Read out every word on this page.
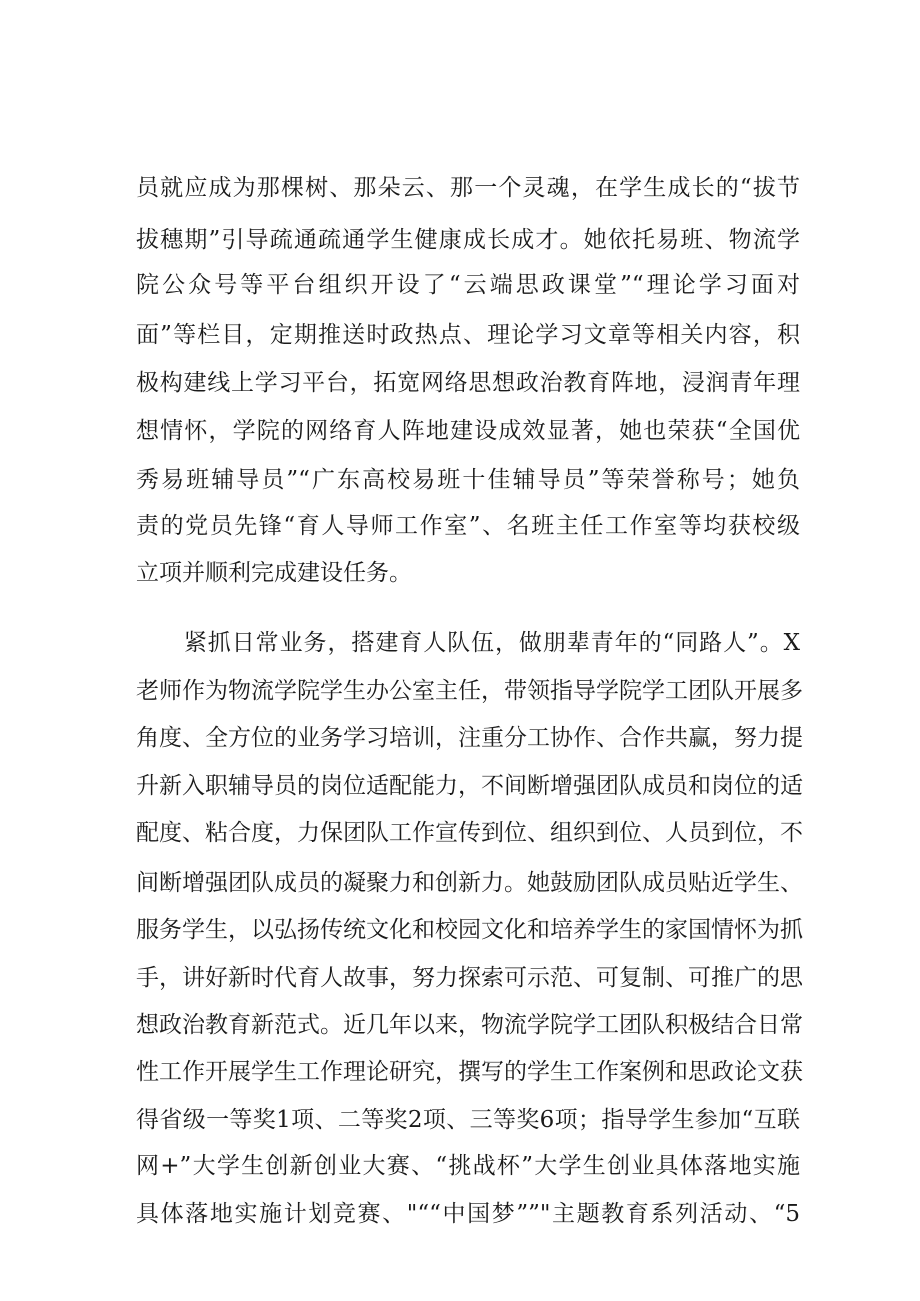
员就应成为那棵树、那朵云、那一个灵魂，在学生成长的“拔节
拔穗期”引导疏通疏通学生健康成长成才。她依托易班、物流学
院公众号等平台组织开设了“云端思政课堂”“理论学习面对
面”等栏目，定期推送时政热点、理论学习文章等相关内容，积
极构建线上学习平台，拓宽网络思想政治教育阵地，浸润青年理
想情怀，学院的网络育人阵地建设成效显著，她也荣获“全国优
秀易班辅导员”“广东高校易班十佳辅导员”等荣誉称号；她负
责的党员先锋“育人导师工作室”、名班主任工作室等均获校级
立项并顺利完成建设任务。
　　紧抓日常业务，搭建育人队伍，做朋辈青年的“同路人”。X
老师作为物流学院学生办公室主任，带领指导学院学工团队开展多
角度、全方位的业务学习培训，注重分工协作、合作共赢，努力提
升新入职辅导员的岗位适配能力，不间断增强团队成员和岗位的适
配度、粘合度，力保团队工作宣传到位、组织到位、人员到位，不
间断增强团队成员的凝聚力和创新力。她鼓励团队成员贴近学生、
服务学生，以弘扬传统文化和校园文化和培养学生的家国情怀为抓
手，讲好新时代育人故事，努力探索可示范、可复制、可推广的思
想政治教育新范式。近几年以来，物流学院学工团队积极结合日常
性工作开展学生工作理论研究，撰写的学生工作案例和思政论文获
得省级一等奖1项、二等奖2项、三等奖6项；指导学生参加“互联
网+”大学生创新创业大赛、“挑战杯”大学生创业具体落地实施
具体落地实施计划竞赛、"““中国梦””"主题教育系列活动、“5
